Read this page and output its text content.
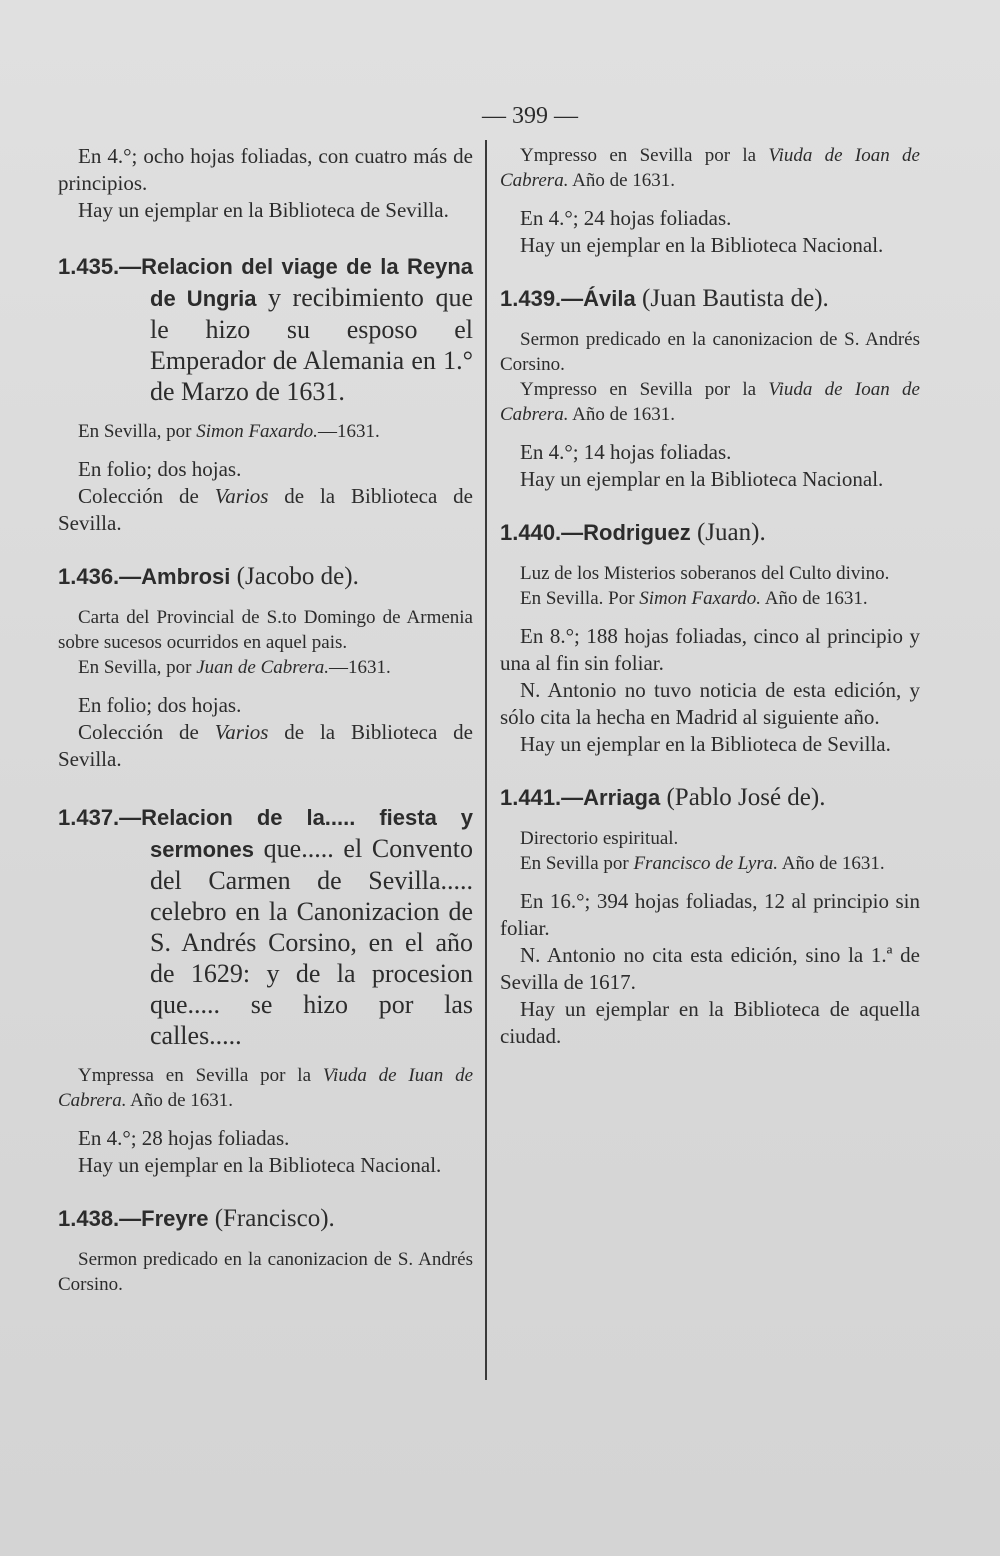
— 399 —

En 4.°; ocho hojas foliadas, con cuatro más de principios.

Hay un ejemplar en la Biblioteca de Sevilla.

1.435.—Relacion del viage de la Reyna de Ungria y recibimiento que le hizo su esposo el Emperador de Alemania en 1.° de Marzo de 1631.

En Sevilla, por Simon Faxardo.—1631.

En folio; dos hojas.

Colección de Varios de la Biblioteca de Sevilla.

1.436.—Ambrosi (Jacobo de).

Carta del Provincial de S.to Domingo de Armenia sobre sucesos ocurridos en aquel pais.

En Sevilla, por Juan de Cabrera.—1631.

En folio; dos hojas.

Colección de Varios de la Biblioteca de Sevilla.

1.437.—Relacion de la..... fiesta y sermones que..... el Convento del Carmen de Sevilla..... celebro en la Canonizacion de S. Andrés Corsino, en el año de 1629: y de la procesion que..... se hizo por las calles.....

Ympressa en Sevilla por la Viuda de Iuan de Cabrera. Año de 1631.

En 4.°; 28 hojas foliadas.

Hay un ejemplar en la Biblioteca Nacional.

1.438.—Freyre (Francisco).

Sermon predicado en la canonizacion de S. Andrés Corsino.

Ympresso en Sevilla por la Viuda de Ioan de Cabrera. Año de 1631.

En 4.°; 24 hojas foliadas.

Hay un ejemplar en la Biblioteca Nacional.

1.439.—Ávila (Juan Bautista de).

Sermon predicado en la canonizacion de S. Andrés Corsino.

Ympresso en Sevilla por la Viuda de Ioan de Cabrera. Año de 1631.

En 4.°; 14 hojas foliadas.

Hay un ejemplar en la Biblioteca Nacional.

1.440.—Rodriguez (Juan).

Luz de los Misterios soberanos del Culto divino.

En Sevilla. Por Simon Faxardo. Año de 1631.

En 8.°; 188 hojas foliadas, cinco al principio y una al fin sin foliar.

N. Antonio no tuvo noticia de esta edición, y sólo cita la hecha en Madrid al siguiente año.

Hay un ejemplar en la Biblioteca de Sevilla.

1.441.—Arriaga (Pablo José de).

Directorio espiritual.

En Sevilla por Francisco de Lyra. Año de 1631.

En 16.°; 394 hojas foliadas, 12 al principio sin foliar.

N. Antonio no cita esta edición, sino la 1.ª de Sevilla de 1617.

Hay un ejemplar en la Biblioteca de aquella ciudad.
